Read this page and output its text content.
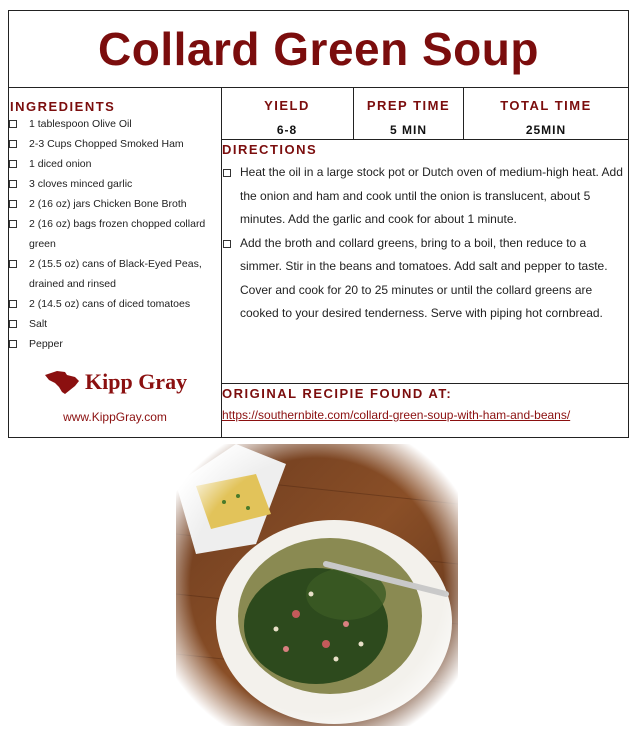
Collard Green Soup
INGREDIENTS
1 tablespoon Olive Oil
2-3 Cups Chopped Smoked Ham
1 diced onion
3 cloves minced garlic
2 (16 oz) jars Chicken Bone Broth
2 (16 oz) bags frozen chopped collard green
2 (15.5 oz) cans of Black-Eyed Peas, drained and rinsed
2 (14.5 oz) cans of diced tomatoes
Salt
Pepper
Kipp Gray
www.KippGray.com
YIELD
6-8
PREP TIME
5 MIN
TOTAL TIME
25MIN
DIRECTIONS
Heat the oil in a large stock pot or Dutch oven of medium-high heat. Add the onion and ham and cook until the onion is translucent, about 5 minutes. Add the garlic and cook for about 1 minute.
Add the broth and collard greens, bring to a boil, then reduce to a simmer. Stir in the beans and tomatoes. Add salt and pepper to taste. Cover and cook for 20 to 25 minutes or until the collard greens are cooked to your desired tenderness. Serve with piping hot cornbread.
ORIGINAL RECIPIE FOUND AT:
https://southernbite.com/collard-green-soup-with-ham-and-beans/
